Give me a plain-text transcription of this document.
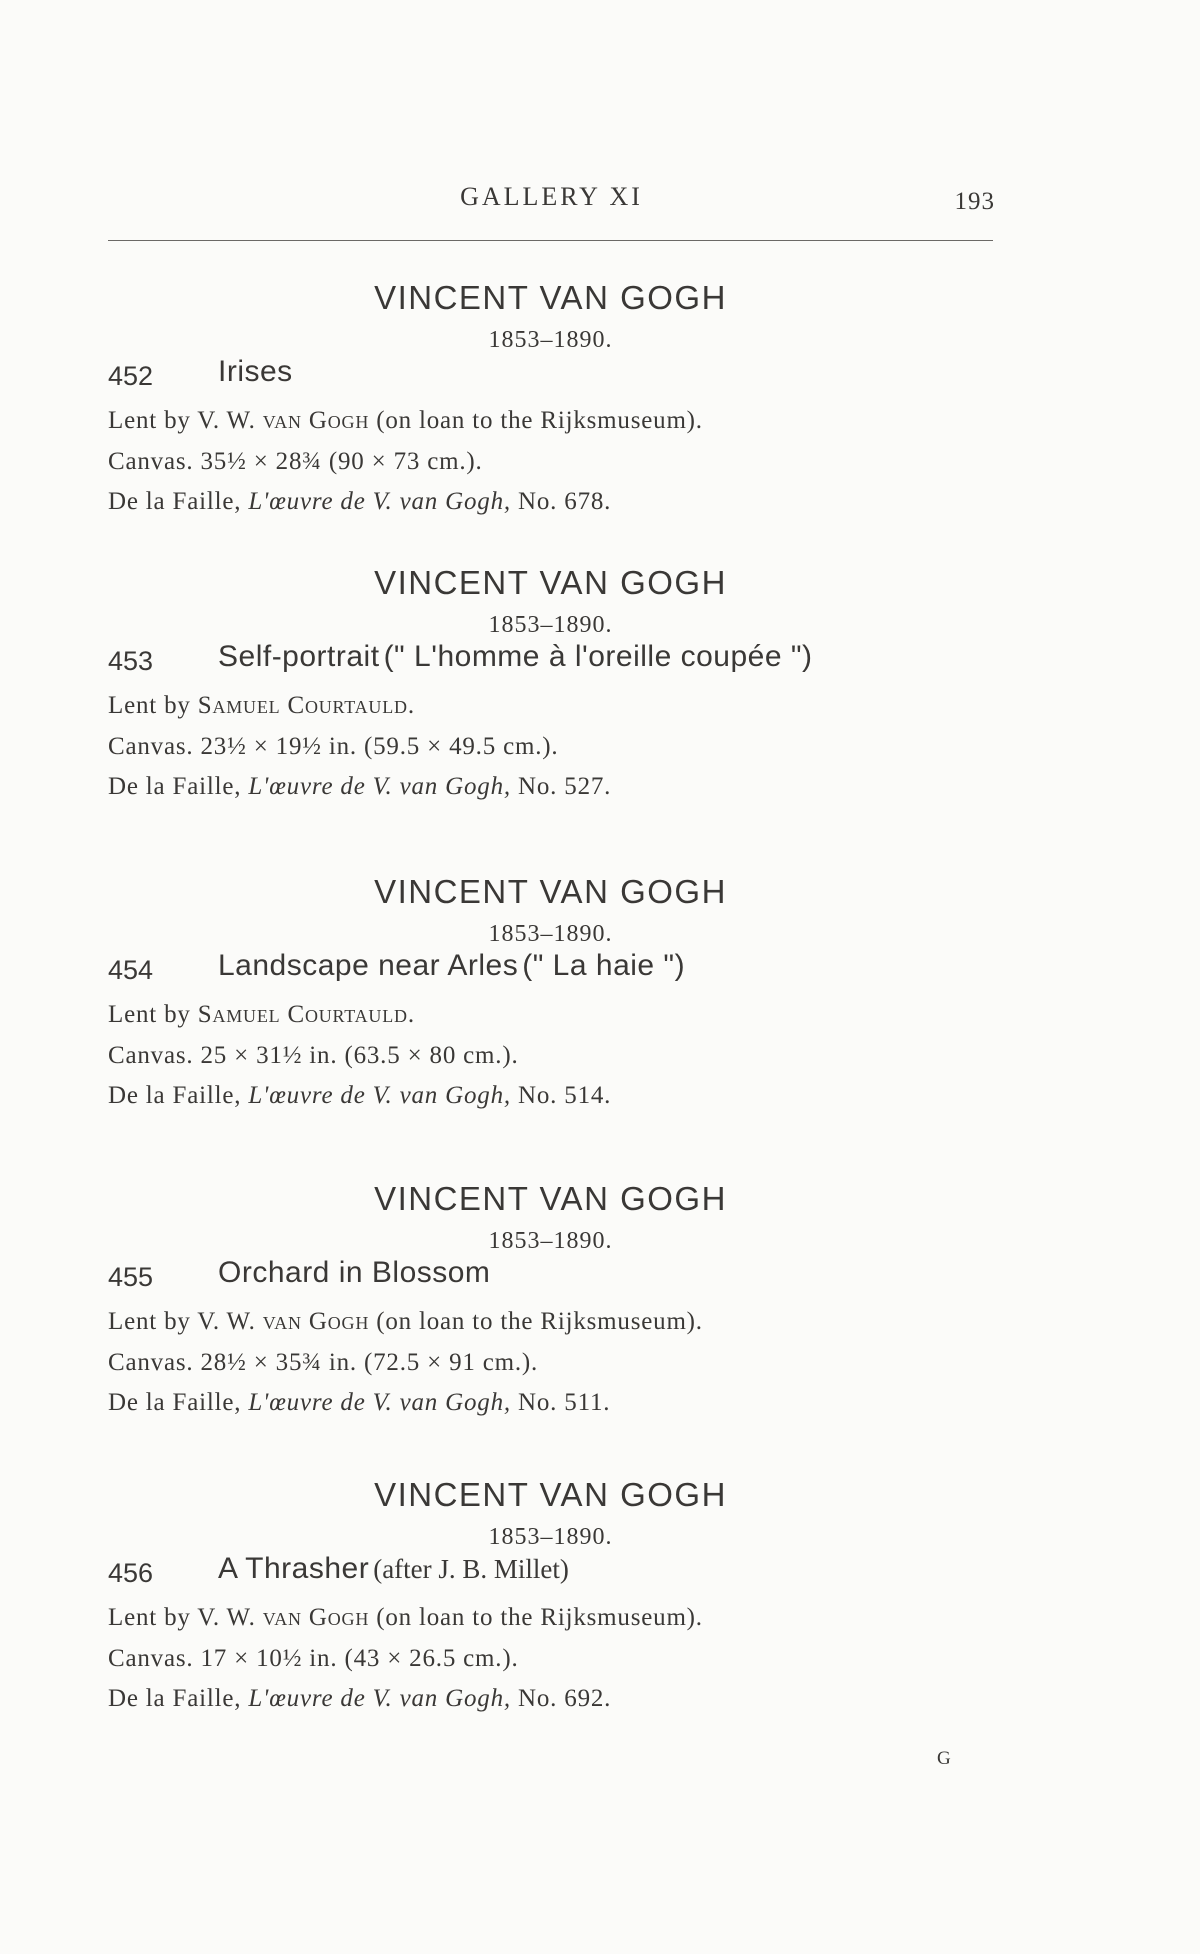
GALLERY XI	193
VINCENT VAN GOGH
1853–1890.
452 Irises
Lent by V. W. van Gogh (on loan to the Rijksmuseum).
Canvas. 35½ × 28¾ (90 × 73 cm.).
De la Faille, L'œuvre de V. van Gogh, No. 678.
VINCENT VAN GOGH
1853–1890.
453 Self-portrait (" L'homme à l'oreille coupée ")
Lent by Samuel Courtauld.
Canvas. 23½ × 19½ in. (59.5 × 49.5 cm.).
De la Faille, L'œuvre de V. van Gogh, No. 527.
VINCENT VAN GOGH
1853–1890.
454 Landscape near Arles (" La haie ")
Lent by Samuel Courtauld.
Canvas. 25 × 31½ in. (63.5 × 80 cm.).
De la Faille, L'œuvre de V. van Gogh, No. 514.
VINCENT VAN GOGH
1853–1890.
455 Orchard in Blossom
Lent by V. W. van Gogh (on loan to the Rijksmuseum).
Canvas. 28½ × 35¾ in. (72.5 × 91 cm.).
De la Faille, L'œuvre de V. van Gogh, No. 511.
VINCENT VAN GOGH
1853–1890.
456 A Thrasher (after J. B. Millet)
Lent by V. W. van Gogh (on loan to the Rijksmuseum).
Canvas. 17 × 10½ in. (43 × 26.5 cm.).
De la Faille, L'œuvre de V. van Gogh, No. 692.
G
